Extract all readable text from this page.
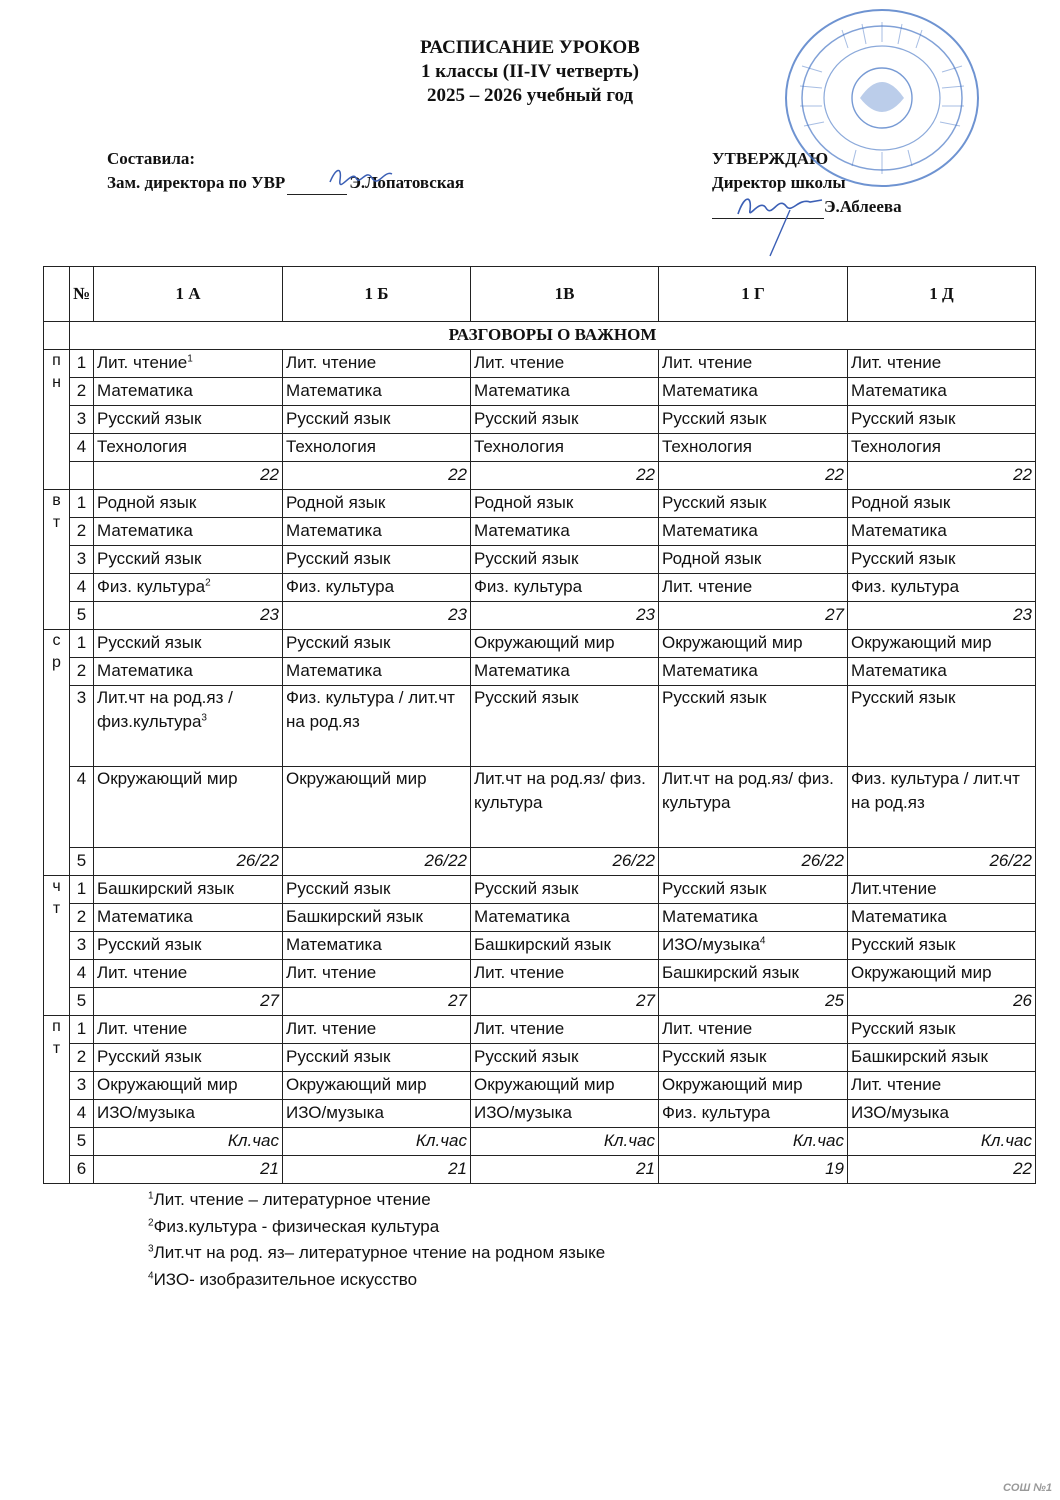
РАСПИСАНИЕ УРОКОВ
1 классы (II-IV четверть)
2025 – 2026 учебный год
Составила:
Зам. директора по УВР	Э.Лопатовская
УТВЕРЖДАЮ
Директор школы
Э.Аблеева
	№	1 А	1 Б	1В	1 Г	1 Д
	РАЗГОВОРЫ О ВАЖНОМ					

п
н	1	Лит. чтение$^1$	Лит. чтение	Лит. чтение	Лит. чтение	Лит. чтение
	2	Математика	Математика	Математика	Математика	Математика
	3	Русский язык	Русский язык	Русский язык	Русский язык	Русский язык
	4	Технология	Технология	Технология	Технология	Технология
		22	22	22	22	22

в
т	1	Родной язык	Родной язык	Родной язык	Русский язык	Родной язык
	2	Математика	Математика	Математика	Математика	Математика
	3	Русский язык	Русский язык	Русский язык	Родной язык	Русский язык
	4	Физ. культура$^2$	Физ. культура	Физ. культура	Лит. чтение	Физ. культура
	5	23	23	23	27	23

с
р	1	Русский язык	Русский язык	Окружающий мир	Окружающий мир	Окружающий мир
	2	Математика	Математика	Математика	Математика	Математика
	3	Лит.чт на род.яз / физ.культура$^3$	Физ. культура / лит.чт на род.яз	Русский язык	Русский язык	Русский язык
	4	Окружающий мир	Окружающий мир	Лит.чт на род.яз/ физ. культура	Лит.чт на род.яз/ физ. культура	Физ. культура / лит.чт на род.яз
	5	26/22	26/22	26/22	26/22	26/22

ч
т	1	Башкирский язык	Русский язык	Русский язык	Русский язык	Лит.чтение
	2	Математика	Башкирский язык	Математика	Математика	Математика
	3	Русский язык	Математика	Башкирский язык	ИЗО/музыка$^4$	Русский язык
	4	Лит. чтение	Лит. чтение	Лит. чтение	Башкирский язык	Окружающий мир
	5	27	27	27	25	26

п
т	1	Лит. чтение	Лит. чтение	Лит. чтение	Лит. чтение	Русский язык
	2	Русский язык	Русский язык	Русский язык	Русский язык	Башкирский язык
	3	Окружающий мир	Окружающий мир	Окружающий мир	Окружающий мир	Лит. чтение
	4	ИЗО/музыка	ИЗО/музыка	ИЗО/музыка	Физ. культура	ИЗО/музыка
	5	Кл.час	Кл.час	Кл.час	Кл.час	Кл.час
	6	21	21	21	19	22
$^1$Лит. чтение – литературное чтение
$^2$Физ.культура - физическая культура
$^3$Лит.чт на род. яз– литературное чтение на родном языке
$^4$ИЗО- изобразительное искусство
СОШ №1
